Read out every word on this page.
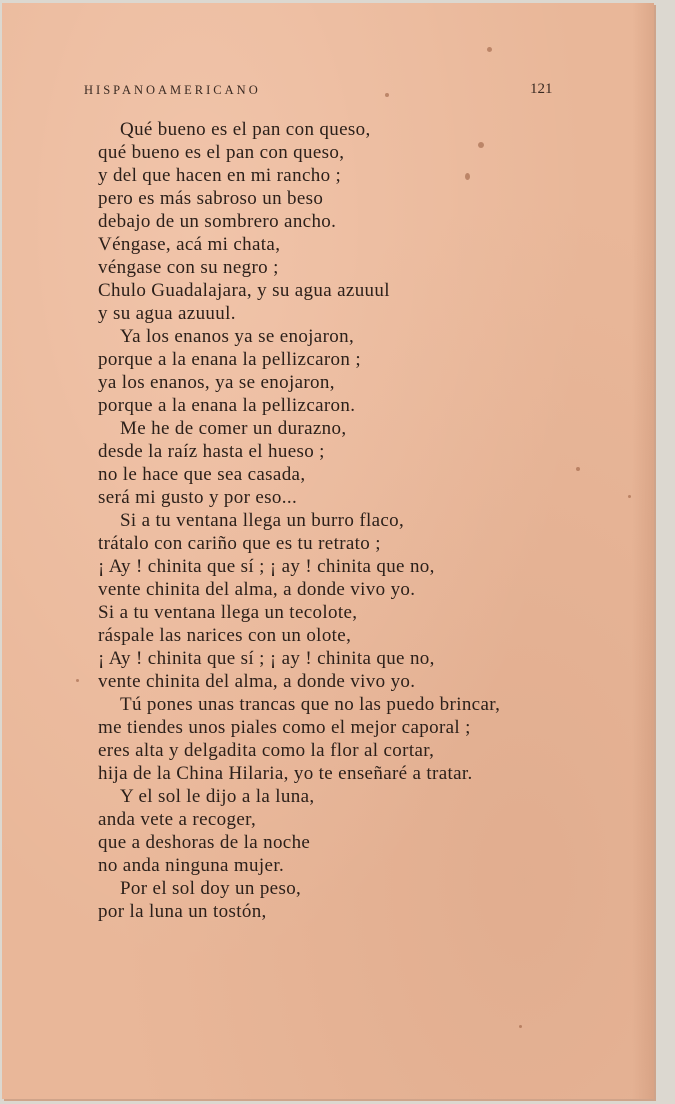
HISPANOAMERICANO	121
Qué bueno es el pan con queso,
qué bueno es el pan con queso,
y del que hacen en mi rancho ;
pero es más sabroso un beso
debajo de un sombrero ancho.
Véngase, acá mi chata,
véngase con su negro ;
Chulo Guadalajara, y su agua azuuul
y su agua azuuul.
Ya los enanos ya se enojaron,
porque a la enana la pellizcaron ;
ya los enanos, ya se enojaron,
porque a la enana la pellizcaron.
Me he de comer un durazno,
desde la raíz hasta el hueso ;
no le hace que sea casada,
será mi gusto y por eso...
Si a tu ventana llega un burro flaco,
trátalo con cariño que es tu retrato ;
¡ Ay ! chinita que sí ; ¡ ay ! chinita que no,
vente chinita del alma, a donde vivo yo.
Si a tu ventana llega un tecolote,
ráspale las narices con un olote,
¡ Ay ! chinita que sí ; ¡ ay ! chinita que no,
vente chinita del alma, a donde vivo yo.
Tú pones unas trancas que no las puedo brincar,
me tiendes unos piales como el mejor caporal ;
eres alta y delgadita como la flor al cortar,
hija de la China Hilaria, yo te enseñaré a tratar.
Y el sol le dijo a la luna,
anda vete a recoger,
que a deshoras de la noche
no anda ninguna mujer.
Por el sol doy un peso,
por la luna un tostón,
